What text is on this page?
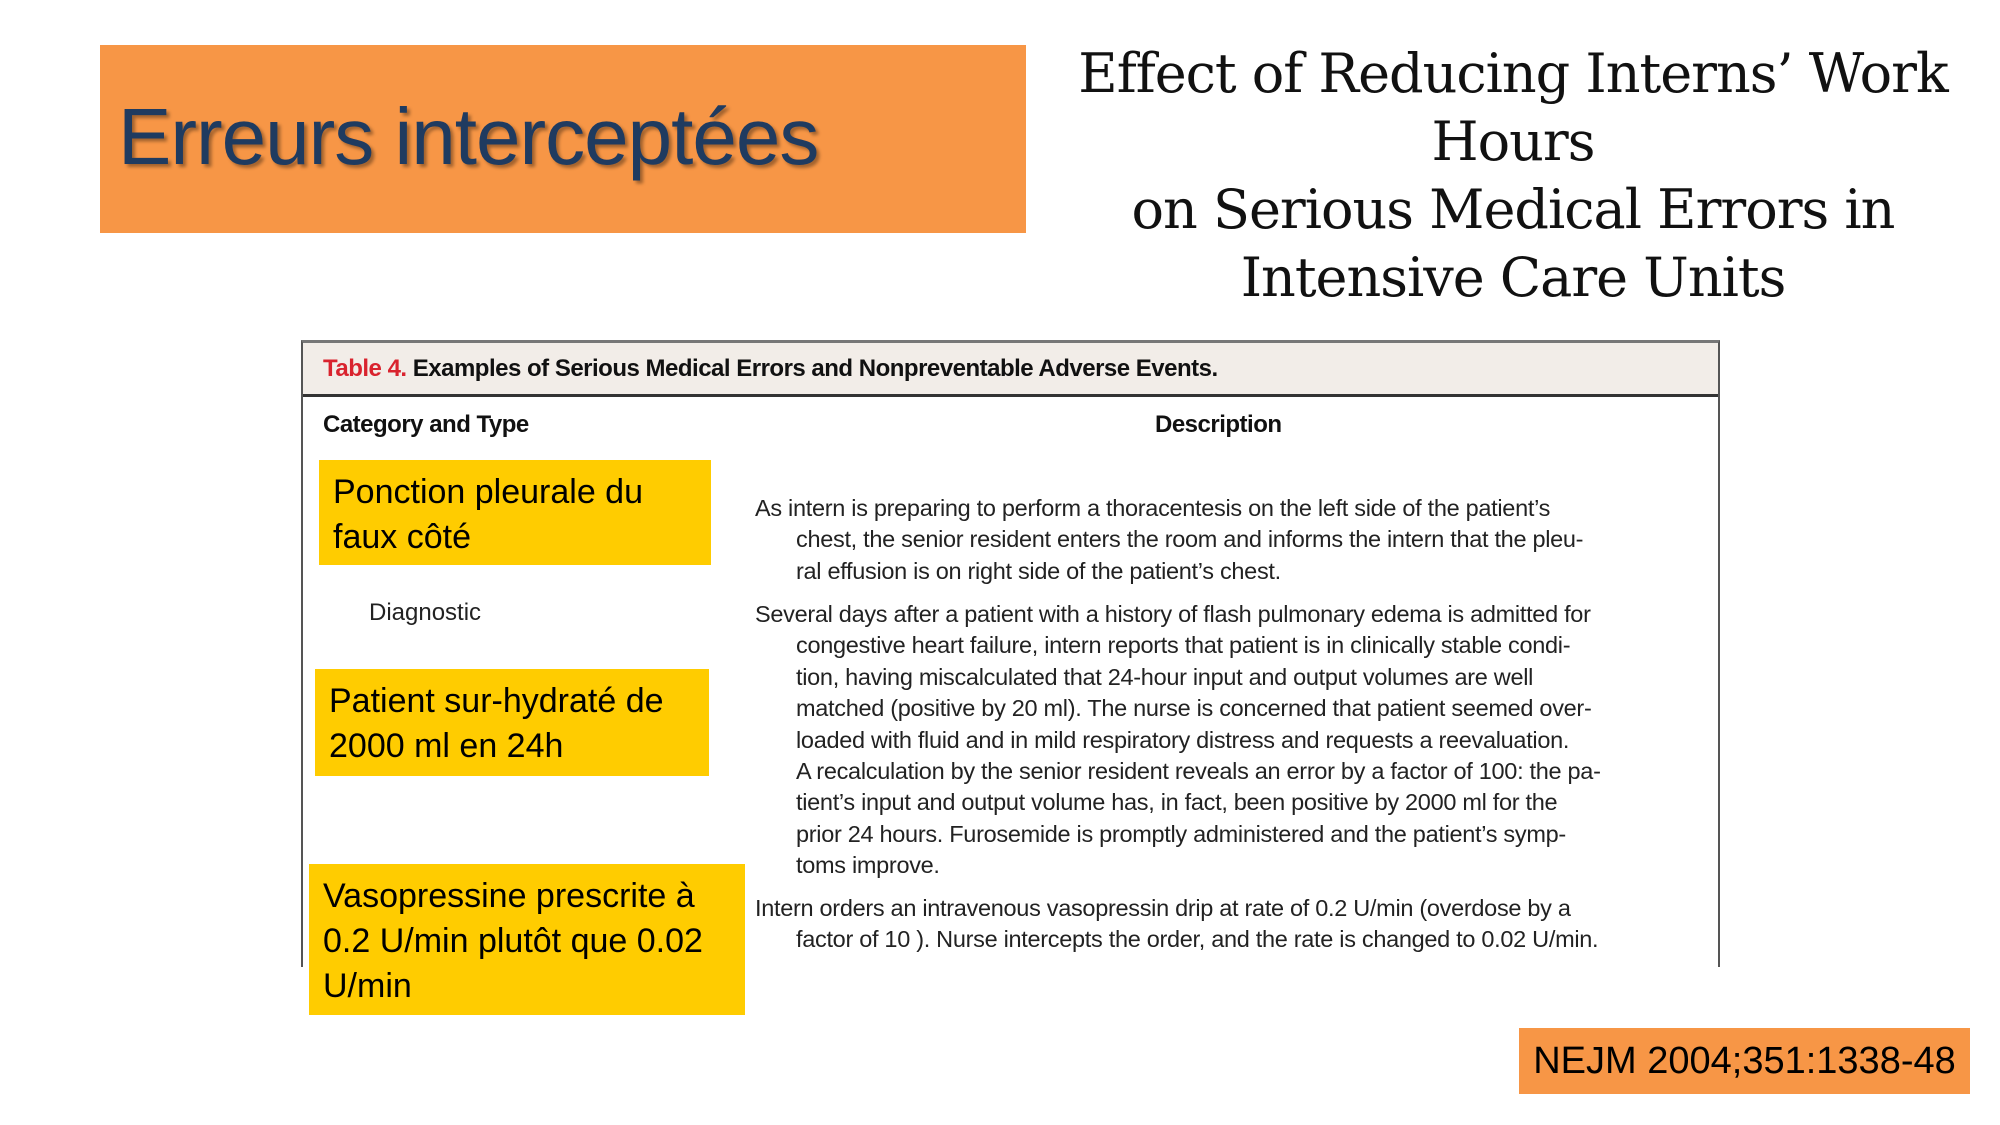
Erreurs interceptées
Effect of Reducing Interns’ Work Hours
on Serious Medical Errors in
Intensive Care Units
Table 4. Examples of Serious Medical Errors and Nonpreventable Adverse Events.
Category and Type	Description
Diagnostic
As intern is preparing to perform a thoracentesis on the left side of the patient’s
chest, the senior resident enters the room and informs the intern that the pleu-
ral effusion is on right side of the patient’s chest.
Several days after a patient with a history of flash pulmonary edema is admitted for
congestive heart failure, intern reports that patient is in clinically stable condi-
tion, having miscalculated that 24-hour input and output volumes are well
matched (positive by 20 ml). The nurse is concerned that patient seemed over-
loaded with fluid and in mild respiratory distress and requests a reevaluation.
A recalculation by the senior resident reveals an error by a factor of 100: the pa-
tient’s input and output volume has, in fact, been positive by 2000 ml for the
prior 24 hours. Furosemide is promptly administered and the patient’s symp-
toms improve.
Intern orders an intravenous vasopressin drip at rate of 0.2 U/min (overdose by a
factor of 10 ). Nurse intercepts the order, and the rate is changed to 0.02 U/min.
Ponction pleurale du faux côté
Patient sur-hydraté de 2000 ml en 24h
Vasopressine prescrite à 0.2 U/min plutôt que 0.02 U/min
NEJM 2004;351:1338-48
